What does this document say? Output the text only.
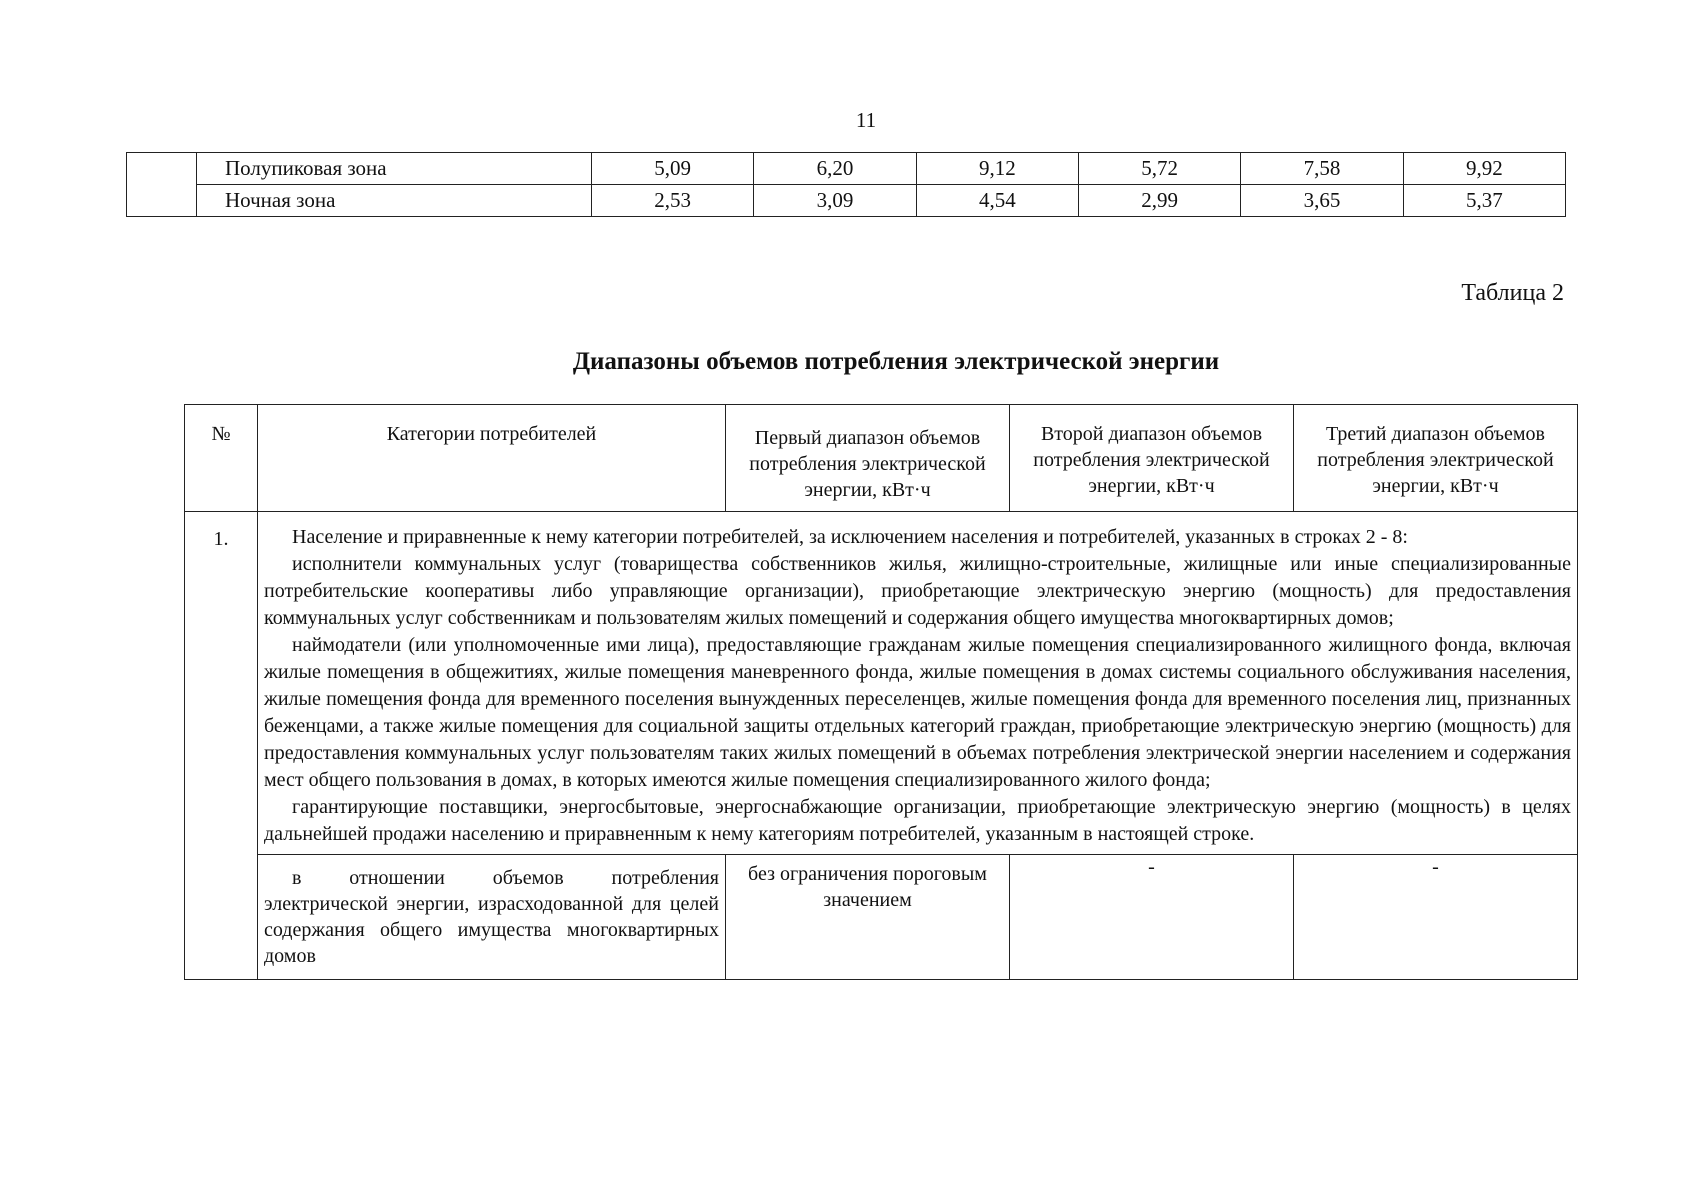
11
	Полупиковая зона	5,09	6,20	9,12	5,72	7,58	9,92
	Ночная зона	2,53	3,09	4,54	2,99	3,65	5,37
Таблица 2
Диапазоны объемов потребления электрической энергии
№	Категории потребителей	Первый диапазон объемов потребления электрической энергии, кВт·ч	Второй диапазон объемов потребления электрической энергии, кВт·ч	Третий диапазон объемов потребления электрической энергии, кВт·ч
1.	Население и приравненные к нему категории потребителей, за исключением населения и потребителей, указанных в строках 2 - 8:

исполнители коммунальных услуг (товарищества собственников жилья, жилищно-строительные, жилищные или иные специализированные потребительские кооперативы либо управляющие организации), приобретающие электрическую энергию (мощность) для предоставления коммунальных услуг собственникам и пользователям жилых помещений и содержания общего имущества многоквартирных домов;

наймодатели (или уполномоченные ими лица), предоставляющие гражданам жилые помещения специализированного жилищного фонда, включая жилые помещения в общежитиях, жилые помещения маневренного фонда, жилые помещения в домах системы социального обслуживания населения, жилые помещения фонда для временного поселения вынужденных переселенцев, жилые помещения фонда для временного поселения лиц, признанных беженцами, а также жилые помещения для социальной защиты отдельных категорий граждан, приобретающие электрическую энергию (мощность) для предоставления коммунальных услуг пользователям таких жилых помещений в объемах потребления электрической энергии населением и содержания мест общего пользования в домах, в которых имеются жилые помещения специализированного жилого фонда;

гарантирующие поставщики, энергосбытовые, энергоснабжающие организации, приобретающие электрическую энергию (мощность) в целях дальнейшей продажи населению и приравненным к нему категориям потребителей, указанным в настоящей строке.			

	в отношении объемов потребления электрической энергии, израсходованной для целей содержания общего имущества многоквартирных домов	без ограничения пороговым значением	-	-
